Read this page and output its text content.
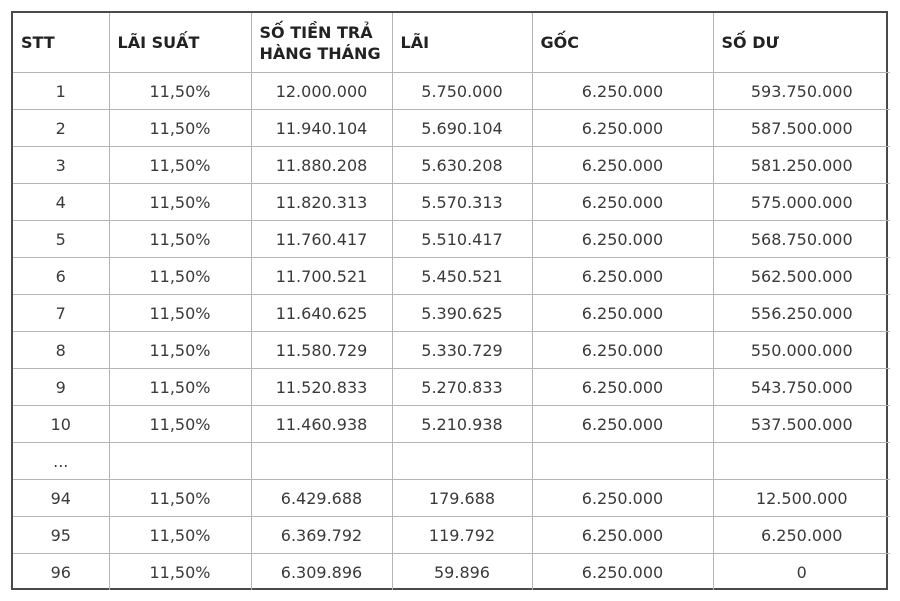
STT	LÃI SUẤT	SỐ TIỀN TRẢ HÀNG THÁNG	LÃI	GỐC	SỐ DƯ
1	11,50%	12.000.000	5.750.000	6.250.000	593.750.000
2	11,50%	11.940.104	5.690.104	6.250.000	587.500.000
3	11,50%	11.880.208	5.630.208	6.250.000	581.250.000
4	11,50%	11.820.313	5.570.313	6.250.000	575.000.000
5	11,50%	11.760.417	5.510.417	6.250.000	568.750.000
6	11,50%	11.700.521	5.450.521	6.250.000	562.500.000
7	11,50%	11.640.625	5.390.625	6.250.000	556.250.000
8	11,50%	11.580.729	5.330.729	6.250.000	550.000.000
9	11,50%	11.520.833	5.270.833	6.250.000	543.750.000
10	11,50%	11.460.938	5.210.938	6.250.000	537.500.000
...					
94	11,50%	6.429.688	179.688	6.250.000	12.500.000
95	11,50%	6.369.792	119.792	6.250.000	6.250.000
96	11,50%	6.309.896	59.896	6.250.000	0
